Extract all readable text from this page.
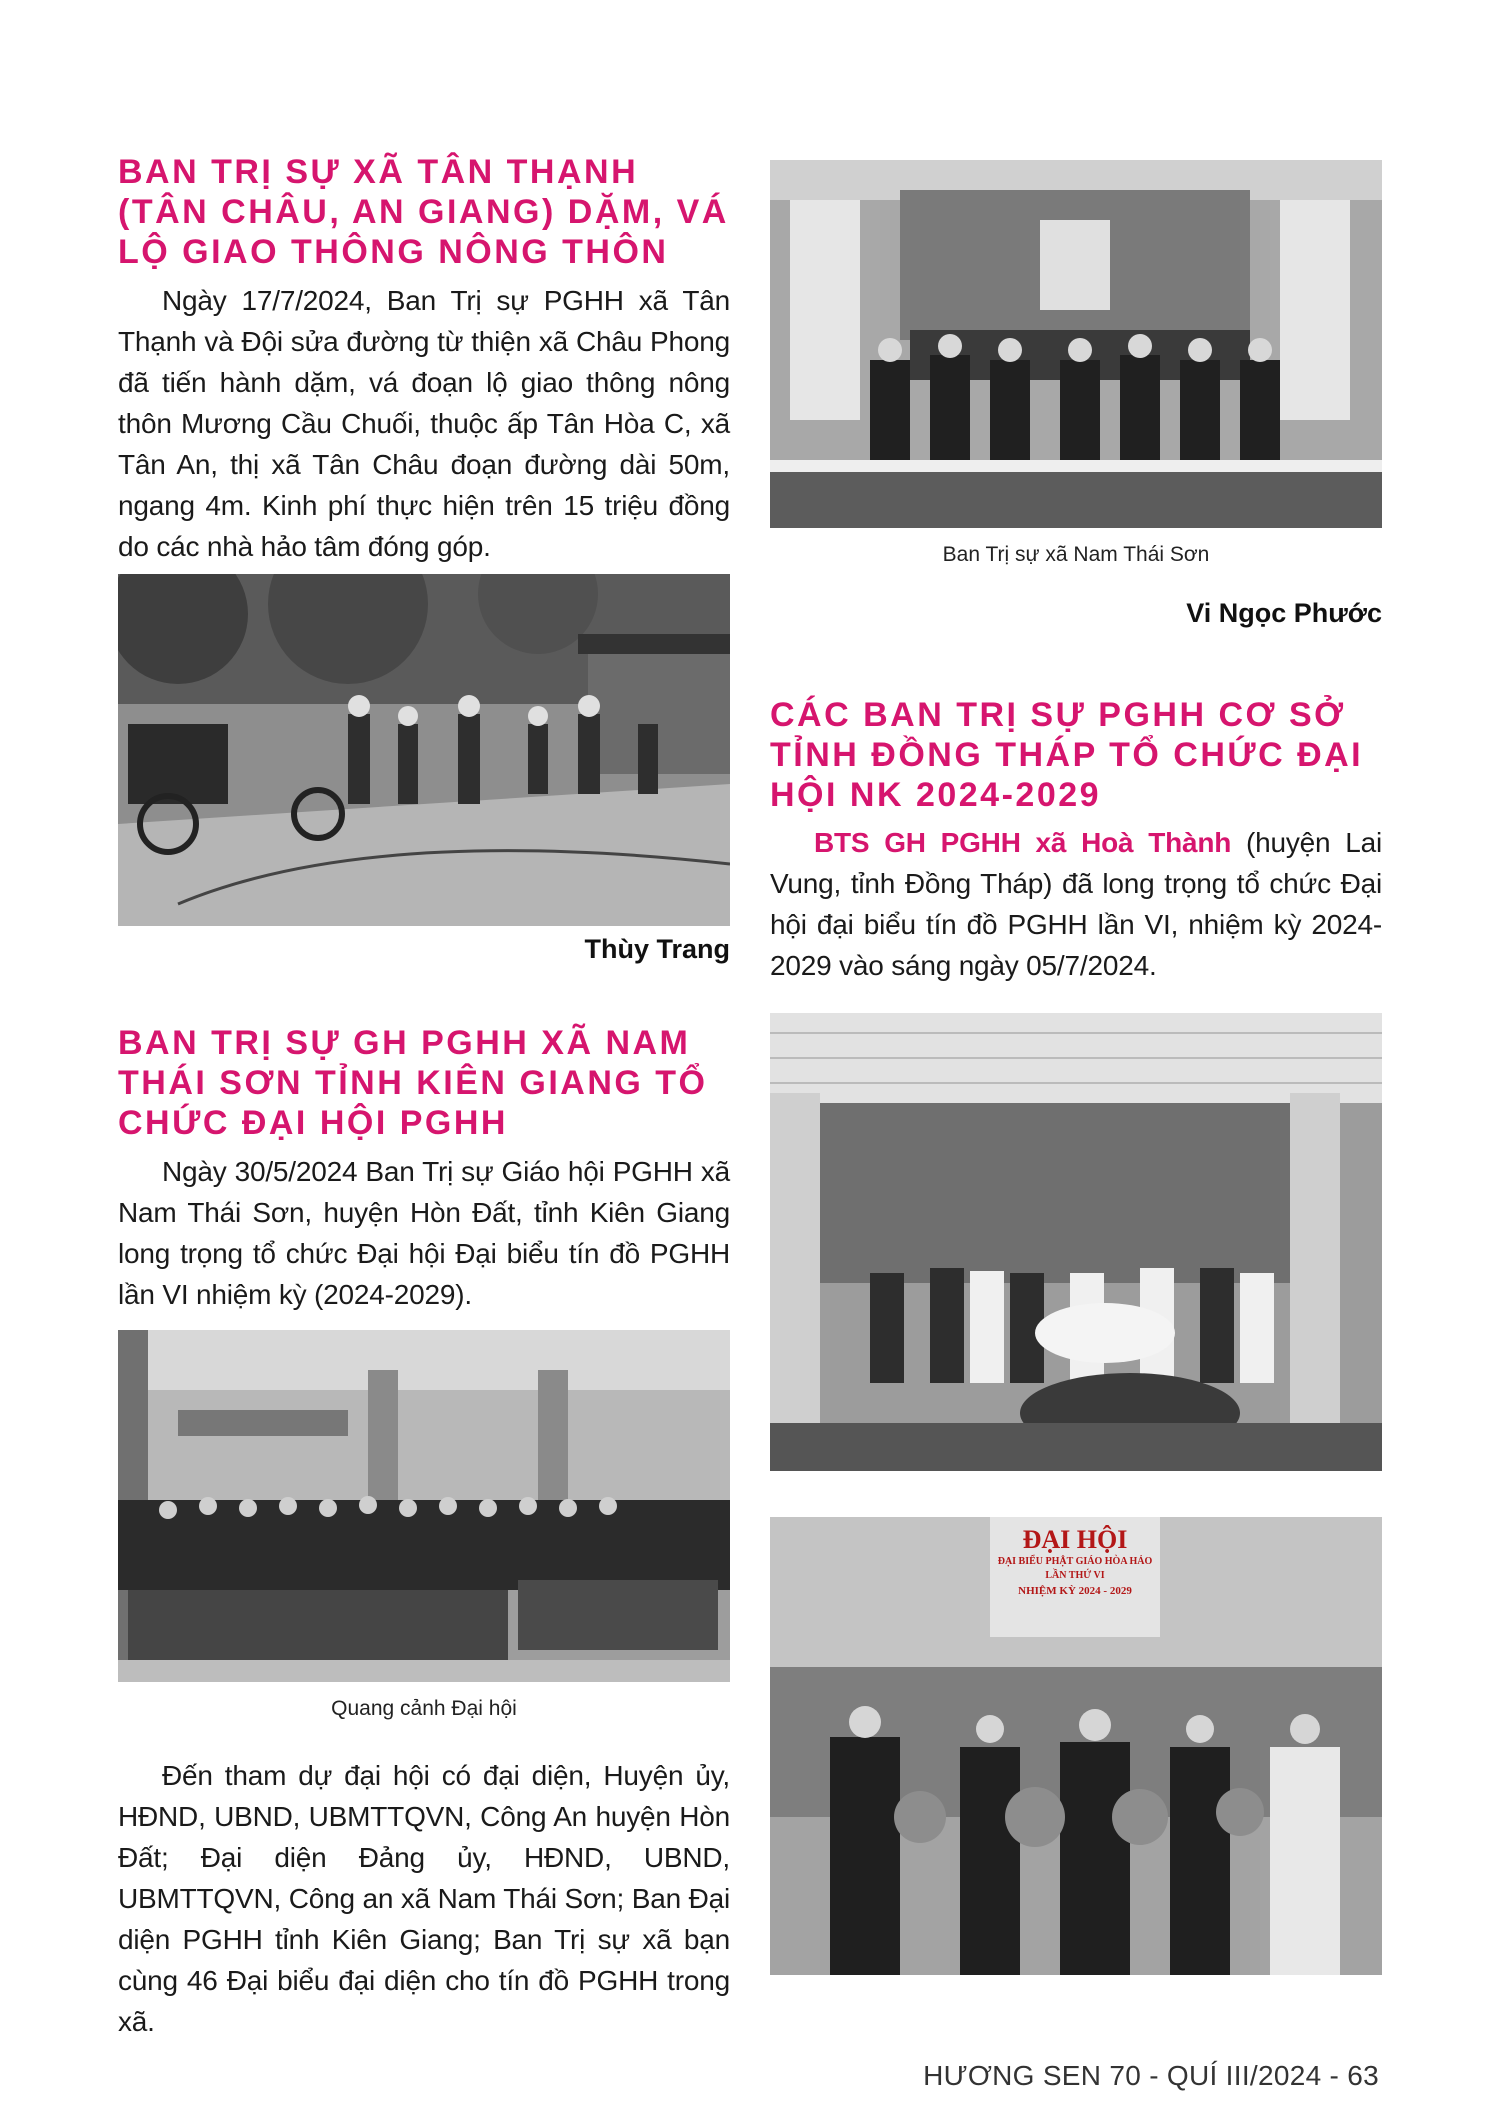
BAN TRỊ SỰ XÃ TÂN THẠNH (TÂN CHÂU, AN GIANG) DẶM, VÁ LỘ GIAO THÔNG NÔNG THÔN

Ngày 17/7/2024, Ban Trị sự PGHH xã Tân Thạnh và Đội sửa đường từ thiện xã Châu Phong đã tiến hành dặm, vá đoạn lộ giao thông nông thôn Mương Cầu Chuối, thuộc ấp Tân Hòa C, xã Tân An, thị xã Tân Châu đoạn đường dài 50m, ngang 4m. Kinh phí thực hiện trên 15 triệu đồng do các nhà hảo tâm đóng góp.

Thùy Trang
BAN TRỊ SỰ GH PGHH XÃ NAM THÁI SƠN TỈNH KIÊN GIANG TỔ CHỨC ĐẠI HỘI PGHH

Ngày 30/5/2024 Ban Trị sự Giáo hội PGHH xã Nam Thái Sơn, huyện Hòn Đất, tỉnh Kiên Giang long trọng tổ chức Đại hội Đại biểu tín đồ PGHH lần VI nhiệm kỳ (2024-2029).

Quang cảnh Đại hội

Đến tham dự đại hội có đại diện, Huyện ủy, HĐND, UBND, UBMTTQVN, Công An huyện Hòn Đất; Đại diện Đảng ủy, HĐND, UBND, UBMTTQVN, Công an xã Nam Thái Sơn; Ban Đại diện PGHH tỉnh Kiên Giang; Ban Trị sự xã bạn cùng 46 Đại biểu đại diện cho tín đồ PGHH trong xã.

Ban Trị sự xã Nam Thái Sơn
Vi Ngọc Phước
CÁC BAN TRỊ SỰ PGHH CƠ SỞ TỈNH ĐỒNG THÁP TỔ CHỨC ĐẠI HỘI NK 2024-2029

BTS GH PGHH xã Hoà Thành (huyện Lai Vung, tỉnh Đồng Tháp) đã long trọng tổ chức Đại hội đại biểu tín đồ PGHH lần VI, nhiệm kỳ 2024-2029 vào sáng ngày 05/7/2024.

ĐẠI HỘI
ĐẠI BIỂU PHẬT GIÁO HÒA HẢO LẦN THỨ VI
NHIỆM KỲ 2024 - 2029
HƯƠNG SEN 70 - QUÍ III/2024 - 63
